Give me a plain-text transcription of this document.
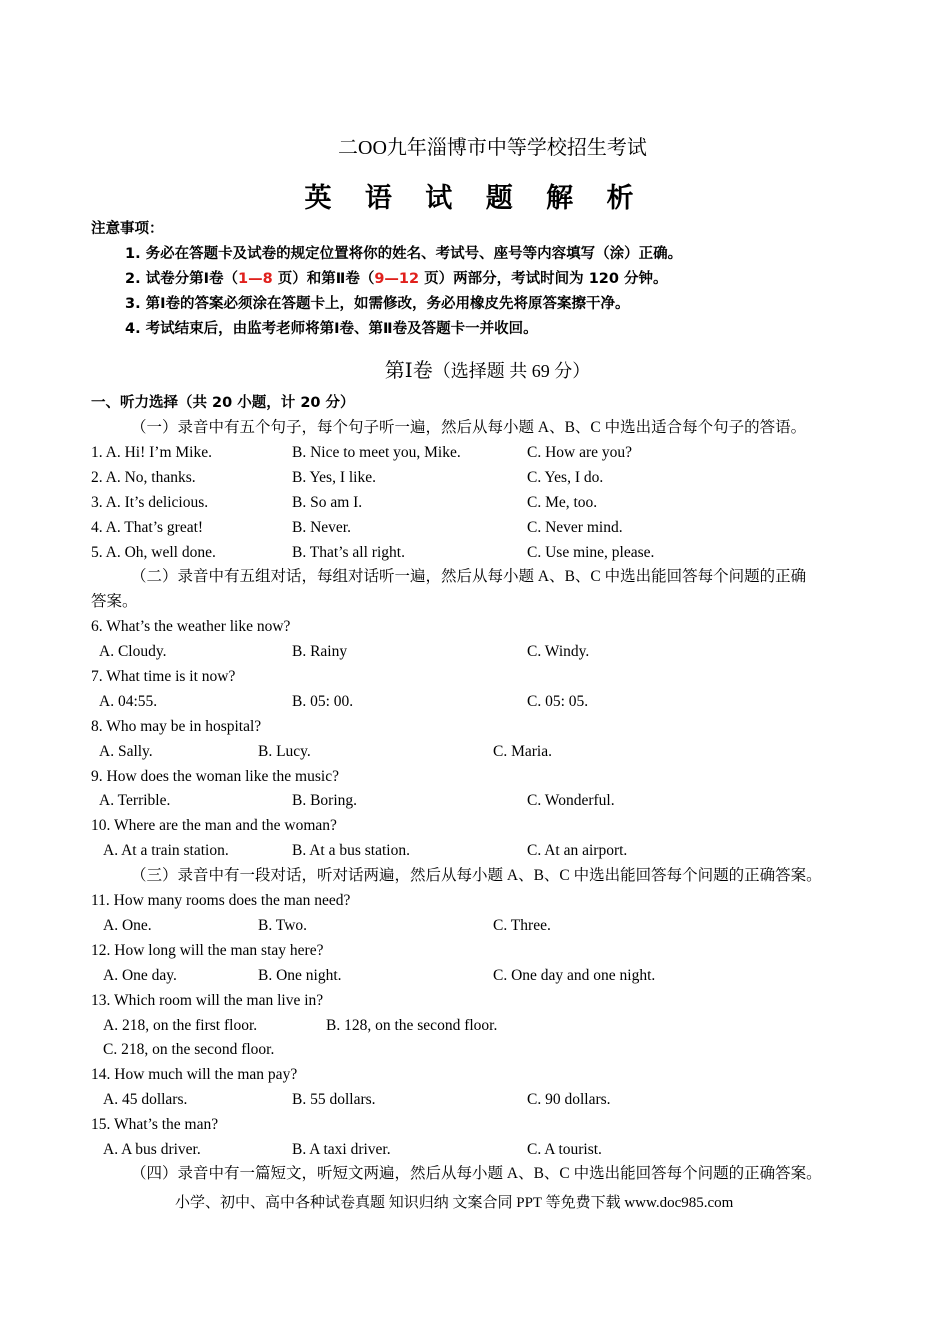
二OO九年淄博市中等学校招生考试
英 语 试 题 解 析
注意事项：
1. 务必在答题卡及试卷的规定位置将你的姓名、考试号、座号等内容填写（涂）正确。
2. 试卷分第Ⅰ卷（1—8 页）和第Ⅱ卷（9—12 页）两部分，考试时间为 120 分钟。
3. 第Ⅰ卷的答案必须涂在答题卡上，如需修改，务必用橡皮先将原答案擦干净。
4. 考试结束后，由监考老师将第Ⅰ卷、第Ⅱ卷及答题卡一并收回。
第Ⅰ卷（选择题 共 69 分）
一、听力选择（共 20 小题，计 20 分）
（一）录音中有五个句子，每个句子听一遍，然后从每小题 A、B、C 中选出适合每个句子的答语。
1. A. Hi! I’m Mike.	B. Nice to meet you, Mike.	C. How are you?
2. A. No, thanks.	B. Yes, I like.	C. Yes, I do.
3. A. It’s delicious.	B. So am I.	C. Me, too.
4. A. That’s great!	B. Never.	C. Never mind.
5. A. Oh, well done.	B. That’s all right.	C. Use mine, please.
（二）录音中有五组对话，每组对话听一遍，然后从每小题 A、B、C 中选出能回答每个问题的正确
答案。
6. What’s the weather like now?
A. Cloudy.	B. Rainy	C. Windy.
7. What time is it now?
A. 04:55.	B. 05: 00.	C. 05: 05.
8. Who may be in hospital?
A. Sally.	B. Lucy.	C. Maria.
9. How does the woman like the music?
A. Terrible.	B. Boring.	C. Wonderful.
10. Where are the man and the woman?
A. At a train station.	B. At a bus station.	C. At an airport.
（三）录音中有一段对话，听对话两遍，然后从每小题 A、B、C 中选出能回答每个问题的正确答案。
11. How many rooms does the man need?
A. One.	B. Two.	C. Three.
12. How long will the man stay here?
A. One day.	B. One night.	C. One day and one night.
13. Which room will the man live in?
A. 218, on the first floor.	B. 128, on the second floor.
C. 218, on the second floor.
14. How much will the man pay?
A. 45 dollars.	B. 55 dollars.	C. 90 dollars.
15. What’s the man?
A. A bus driver.	B. A taxi driver.	C. A tourist.
（四）录音中有一篇短文，听短文两遍，然后从每小题 A、B、C 中选出能回答每个问题的正确答案。
小学、初中、高中各种试卷真题 知识归纳 文案合同 PPT 等免费下载 www.doc985.com
